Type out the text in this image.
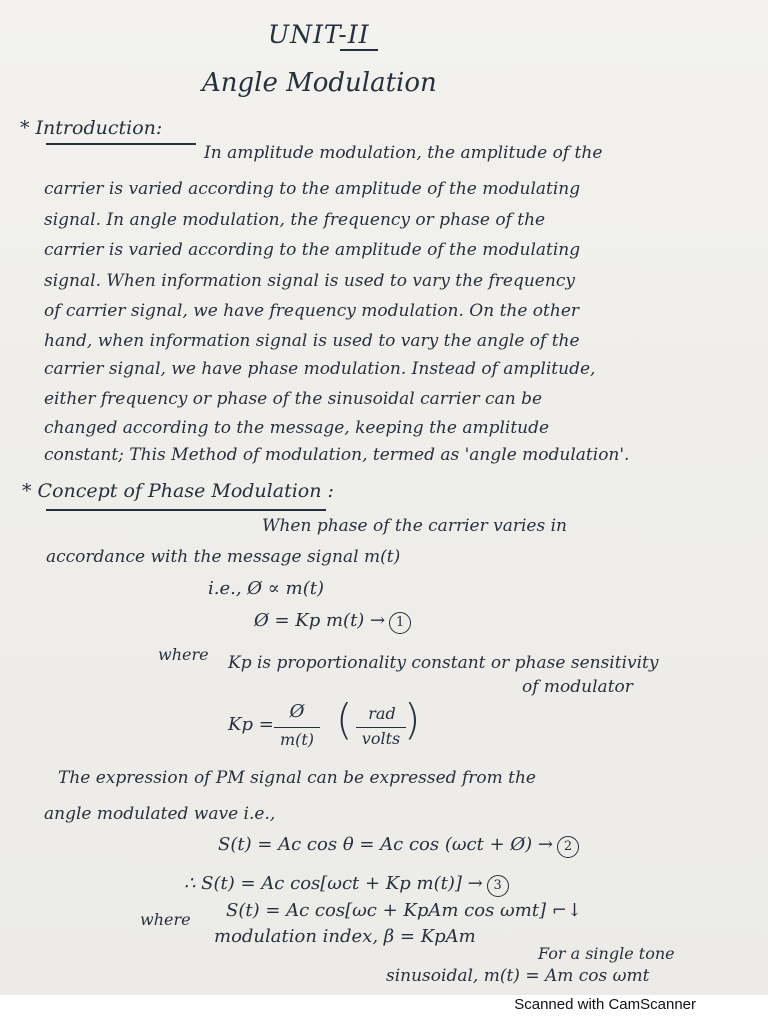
UNIT-II
Angle Modulation
* Introduction:
In amplitude modulation, the amplitude of the
carrier is varied according to the amplitude of the modulating
signal. In angle modulation, the frequency or phase of the
carrier is varied according to the amplitude of the modulating
signal. When information signal is used to vary the frequency
of carrier signal, we have frequency modulation. On the other
hand, when information signal is used to vary the angle of the
carrier signal, we have phase modulation. Instead of amplitude,
either frequency or phase of the sinusoidal carrier can be
changed according to the message, keeping the amplitude
constant; This Method of modulation, termed as 'angle modulation'.
* Concept of Phase Modulation :
When phase of the carrier varies in
accordance with the message signal m(t)
i.e., Ø ∝ m(t)
Ø = Kp m(t) → 1
where Kp is proportionality constant or phase sensitivity
of modulator
Kp =
Ø
m(t) ( rad
volts )
The expression of PM signal can be expressed from the
angle modulated wave i.e.,
S(t) = Ac cos θ = Ac cos (ωct + Ø) → 2
∴ S(t) = Ac cos[ωct + Kp m(t)] → 3
where S(t) = Ac cos[ωc + KpAm cos ωmt] ⌐↓
modulation index, β = KpAm
For a single tone
sinusoidal, m(t) = Am cos ωmt
Scanned with CamScanner
